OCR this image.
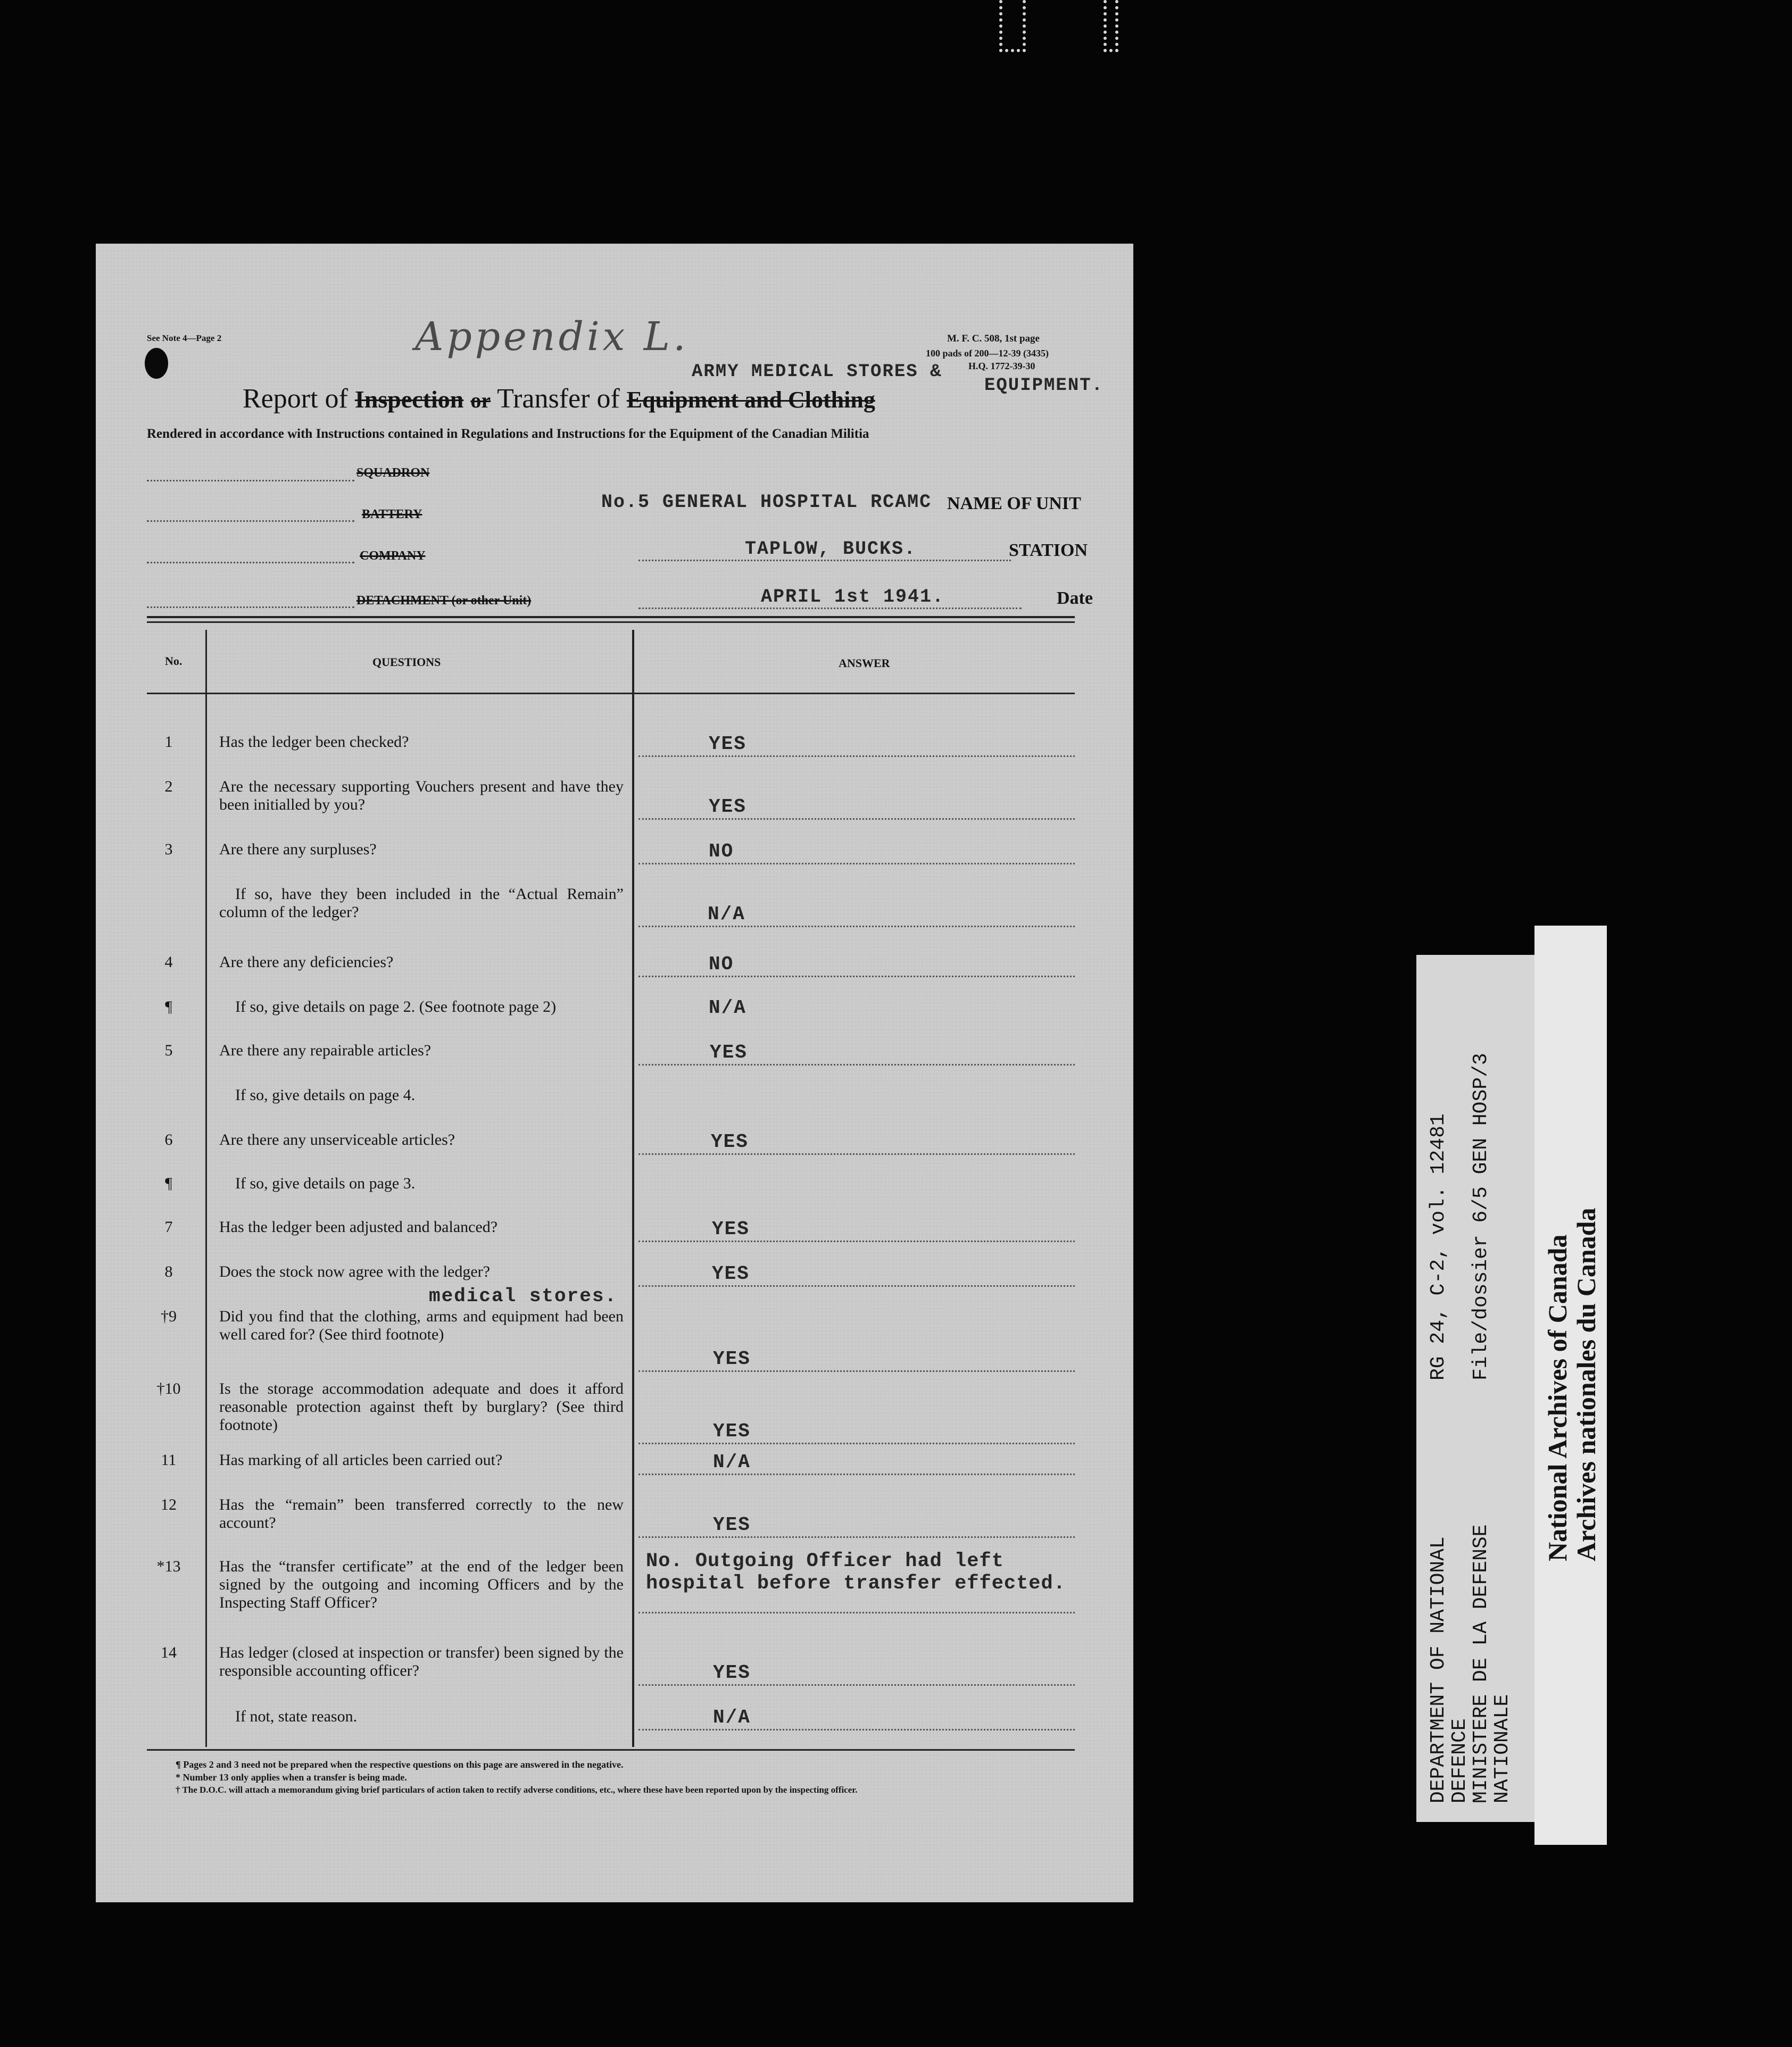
See Note 4—Page 2	Appendix L.	M. F. C. 508, 1st page
100 pads of 200—12-39 (3435)
H.Q. 1772-39-30
ARMY MEDICAL STORES &
EQUIPMENT.
Report of Inspection or Transfer of Equipment and Clothing
Rendered in accordance with Instructions contained in Regulations and Instructions for the Equipment of the Canadian Militia
SQUADRON
BATTERY
COMPANY
DETACHMENT (or other Unit)
No.5 GENERAL HOSPITAL RCAMC NAME OF UNIT
TAPLOW, BUCKS.	STATION
APRIL 1st 1941.	Date
No.	QUESTIONS	ANSWER
1	Has the ledger been checked?	YES
2	Are the necessary supporting Vouchers present and have they been initialled by you?	YES
3	Are there any surpluses?	NO
If so, have they been included in the “Actual Remain” column of the ledger?	N/A
4	Are there any deficiencies?	NO
¶	If so, give details on page 2. (See footnote page 2)	N/A
5	Are there any repairable articles?	YES
If so, give details on page 4.
6	Are there any unserviceable articles?	YES
¶	If so, give details on page 3.
7	Has the ledger been adjusted and balanced?	YES
8	Does the stock now agree with the ledger?	YES
medical stores.
†9	Did you find that the clothing, arms and equipment had been well cared for? (See third footnote)
YES
†10	Is the storage accommodation adequate and does it afford reasonable protection against theft by burglary? (See third footnote)	YES
11	Has marking of all articles been carried out?	N/A
12	Has the “remain” been transferred correctly to the new account?	YES
*13	Has the “transfer certificate” at the end of the ledger been signed by the outgoing and incoming Officers and by the Inspecting Staff Officer?
No. Outgoing Officer had left hospital before transfer effected.
14	Has ledger (closed at inspection or transfer) been signed by the responsible accounting officer?	YES
If not, state reason.	N/A
¶ Pages 2 and 3 need not be prepared when the respective questions on this page are answered in the negative.
* Number 13 only applies when a transfer is being made.
† The D.O.C. will attach a memorandum giving brief particulars of action taken to rectify adverse conditions, etc., where these have been reported upon by the inspecting officer.	DEPARTMENT OF NATIONAL
DEFENCE
MINISTERE DE LA DEFENSE
NATIONALE
RG 24, C-2, vol. 12481 File/dossier 6/5 GEN HOSP/3
National Archives of Canada
Archives nationales du Canada
